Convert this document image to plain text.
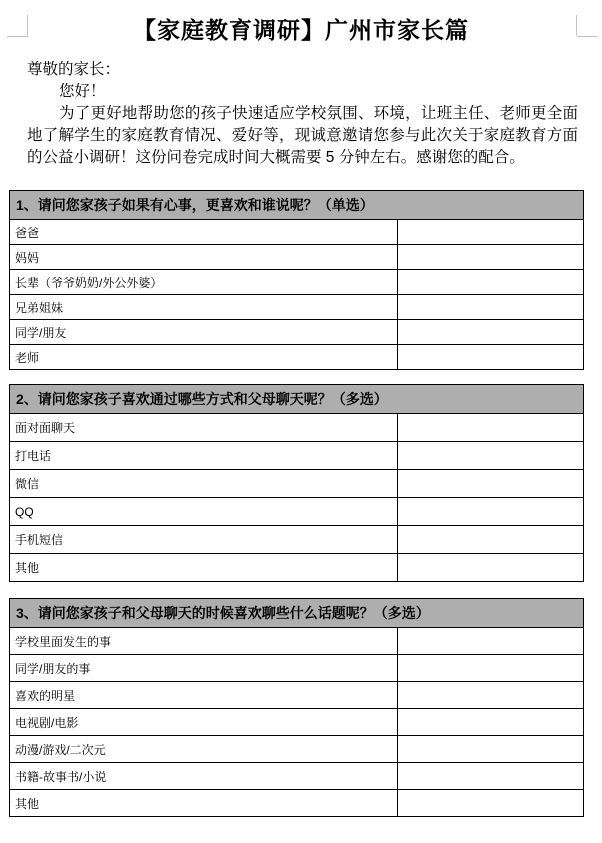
【家庭教育调研】广州市家长篇
尊敬的家长：
您好！
为了更好地帮助您的孩子快速适应学校氛围、环境，让班主任、老师更全面地了解学生的家庭教育情况、爱好等，现诚意邀请您参与此次关于家庭教育方面的公益小调研！这份问卷完成时间大概需要 5 分钟左右。感谢您的配合。
1、请问您家孩子如果有心事，更喜欢和谁说呢？（单选）	
爸爸	
妈妈	
长辈（爷爷奶奶/外公外婆）	
兄弟姐妹	
同学/朋友	
老师	
2、请问您家孩子喜欢通过哪些方式和父母聊天呢？（多选）	
面对面聊天	
打电话	
微信	
QQ	
手机短信	
其他	
3、请问您家孩子和父母聊天的时候喜欢聊些什么话题呢？（多选）	
学校里面发生的事	
同学/朋友的事	
喜欢的明星	
电视剧/电影	
动漫/游戏/二次元	
书籍-故事书/小说	
其他	
